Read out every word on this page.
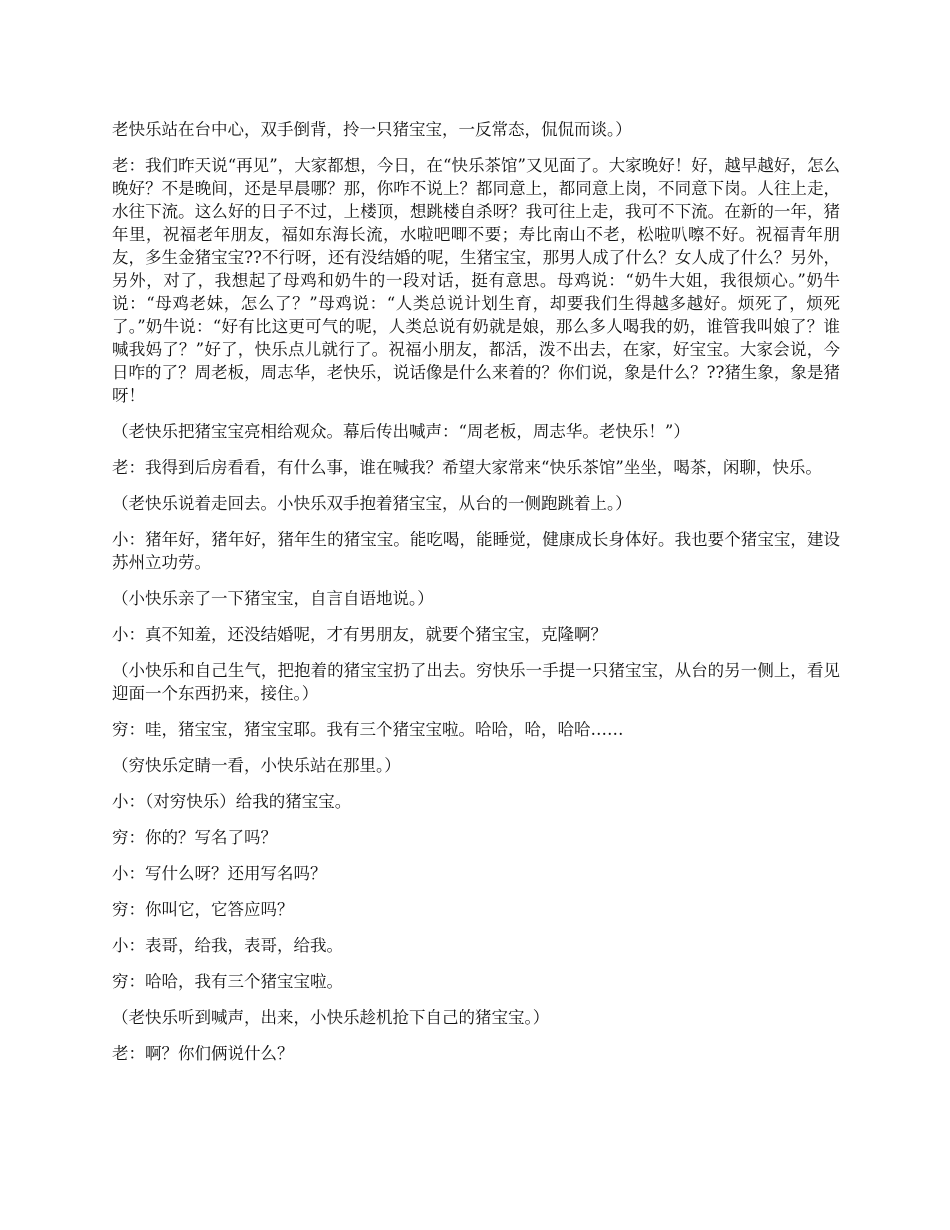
老快乐站在台中心，双手倒背，拎一只猪宝宝，一反常态，侃侃而谈。）

老：我们昨天说“再见”，大家都想，今日，在“快乐茶馆”又见面了。大家晚好！好，越早越好，怎么晚好？不是晚间，还是早晨哪？那，你咋不说上？都同意上，都同意上岗，不同意下岗。人往上走，水往下流。这么好的日子不过，上楼顶，想跳楼自杀呀？我可往上走，我可不下流。在新的一年，猪年里，祝福老年朋友，福如东海长流，水啦吧唧不要；寿比南山不老，松啦叭嚓不好。祝福青年朋友，多生金猪宝宝??不行呀，还有没结婚的呢，生猪宝宝，那男人成了什么？女人成了什么？另外，另外，对了，我想起了母鸡和奶牛的一段对话，挺有意思。母鸡说：“奶牛大姐，我很烦心。”奶牛说：“母鸡老妹，怎么了？”母鸡说：“人类总说计划生育，却要我们生得越多越好。烦死了，烦死了。”奶牛说：“好有比这更可气的呢，人类总说有奶就是娘，那么多人喝我的奶，谁管我叫娘了？谁喊我妈了？”好了，快乐点儿就行了。祝福小朋友，都活，泼不出去，在家，好宝宝。大家会说，今日咋的了？周老板，周志华，老快乐，说话像是什么来着的？你们说，象是什么？??猪生象，象是猪呀！

（老快乐把猪宝宝亮相给观众。幕后传出喊声：“周老板，周志华。老快乐！”）

老：我得到后房看看，有什么事，谁在喊我？希望大家常来“快乐茶馆”坐坐，喝茶，闲聊，快乐。

（老快乐说着走回去。小快乐双手抱着猪宝宝，从台的一侧跑跳着上。）

小：猪年好，猪年好，猪年生的猪宝宝。能吃喝，能睡觉，健康成长身体好。我也要个猪宝宝，建设苏州立功劳。

（小快乐亲了一下猪宝宝，自言自语地说。）

小：真不知羞，还没结婚呢，才有男朋友，就要个猪宝宝，克隆啊？

（小快乐和自己生气，把抱着的猪宝宝扔了出去。穷快乐一手提一只猪宝宝，从台的另一侧上，看见迎面一个东西扔来，接住。）

穷：哇，猪宝宝，猪宝宝耶。我有三个猪宝宝啦。哈哈，哈，哈哈……

（穷快乐定睛一看，小快乐站在那里。）

小：（对穷快乐）给我的猪宝宝。

穷：你的？写名了吗？

小：写什么呀？还用写名吗？

穷：你叫它，它答应吗？

小：表哥，给我，表哥，给我。

穷：哈哈，我有三个猪宝宝啦。

（老快乐听到喊声，出来，小快乐趁机抢下自己的猪宝宝。）

老：啊？你们俩说什么？
